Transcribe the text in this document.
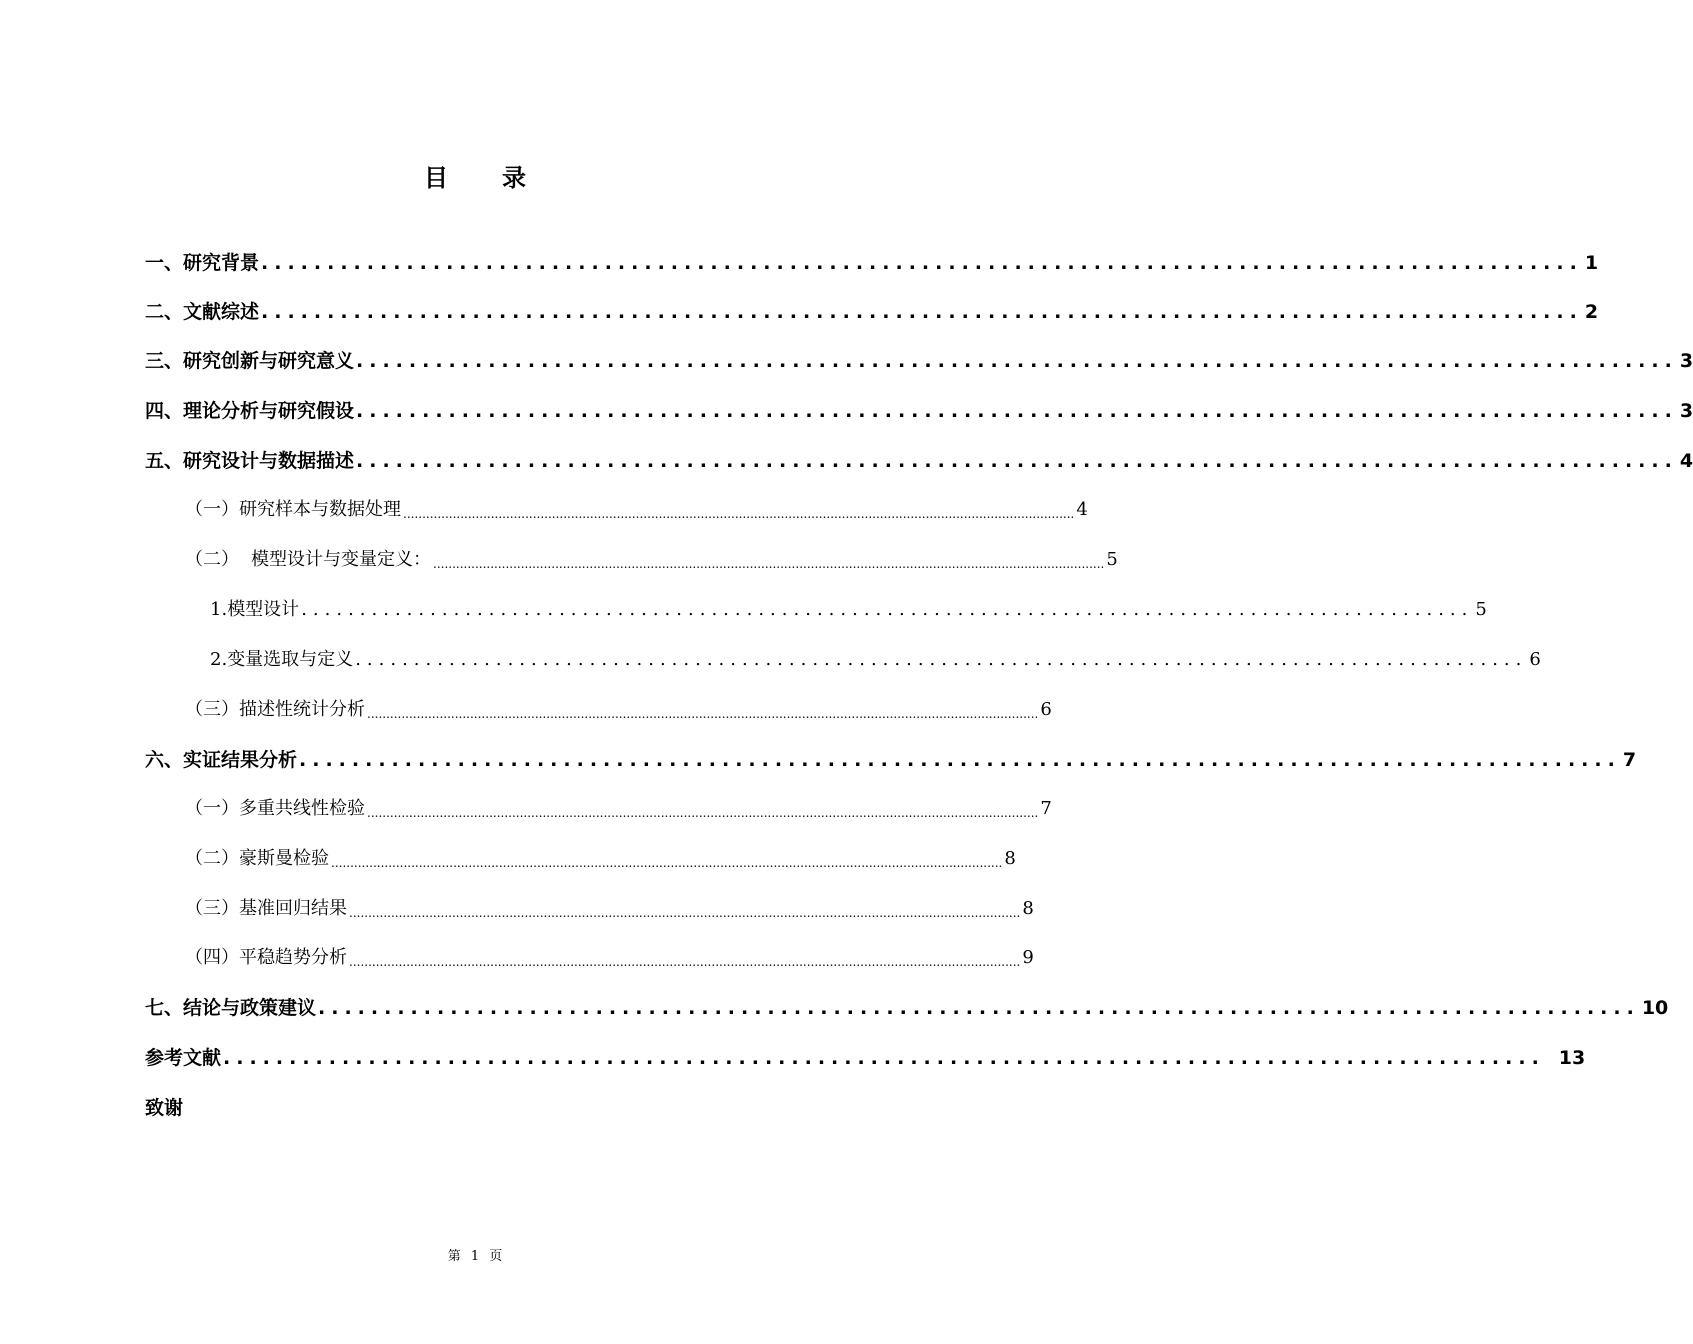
目 录
一、 研究背景 .................................................................................................... 1
二、 文献综述 .................................................................................................... 2
三、 研究创新与研究意义 .................................................................................................... 3
四、 理论分析与研究假设 .................................................................................................... 3
五、 研究设计与数据描述 .................................................................................................... 4
（一） 研究样本与数据处理 ................................................................................................................................................................................ 4
（二） 模型设计与变量定义： ................................................................................................................................................................................ 5
1. 模型设计 .................................................................................................... 5
2. 变量选取与定义 .................................................................................................... 6
（三） 描述性统计分析 ................................................................................................................................................................................ 6
六、 实证结果分析 .................................................................................................... 7
（一） 多重共线性检验 ................................................................................................................................................................................ 7
（二） 豪斯曼检验 ................................................................................................................................................................................ 8
（三） 基准回归结果 ................................................................................................................................................................................ 8
（四） 平稳趋势分析 ................................................................................................................................................................................ 9
七、 结论与政策建议 .................................................................................................... 10
参考文献 .................................................................................................... 13
致谢
第 1 页
